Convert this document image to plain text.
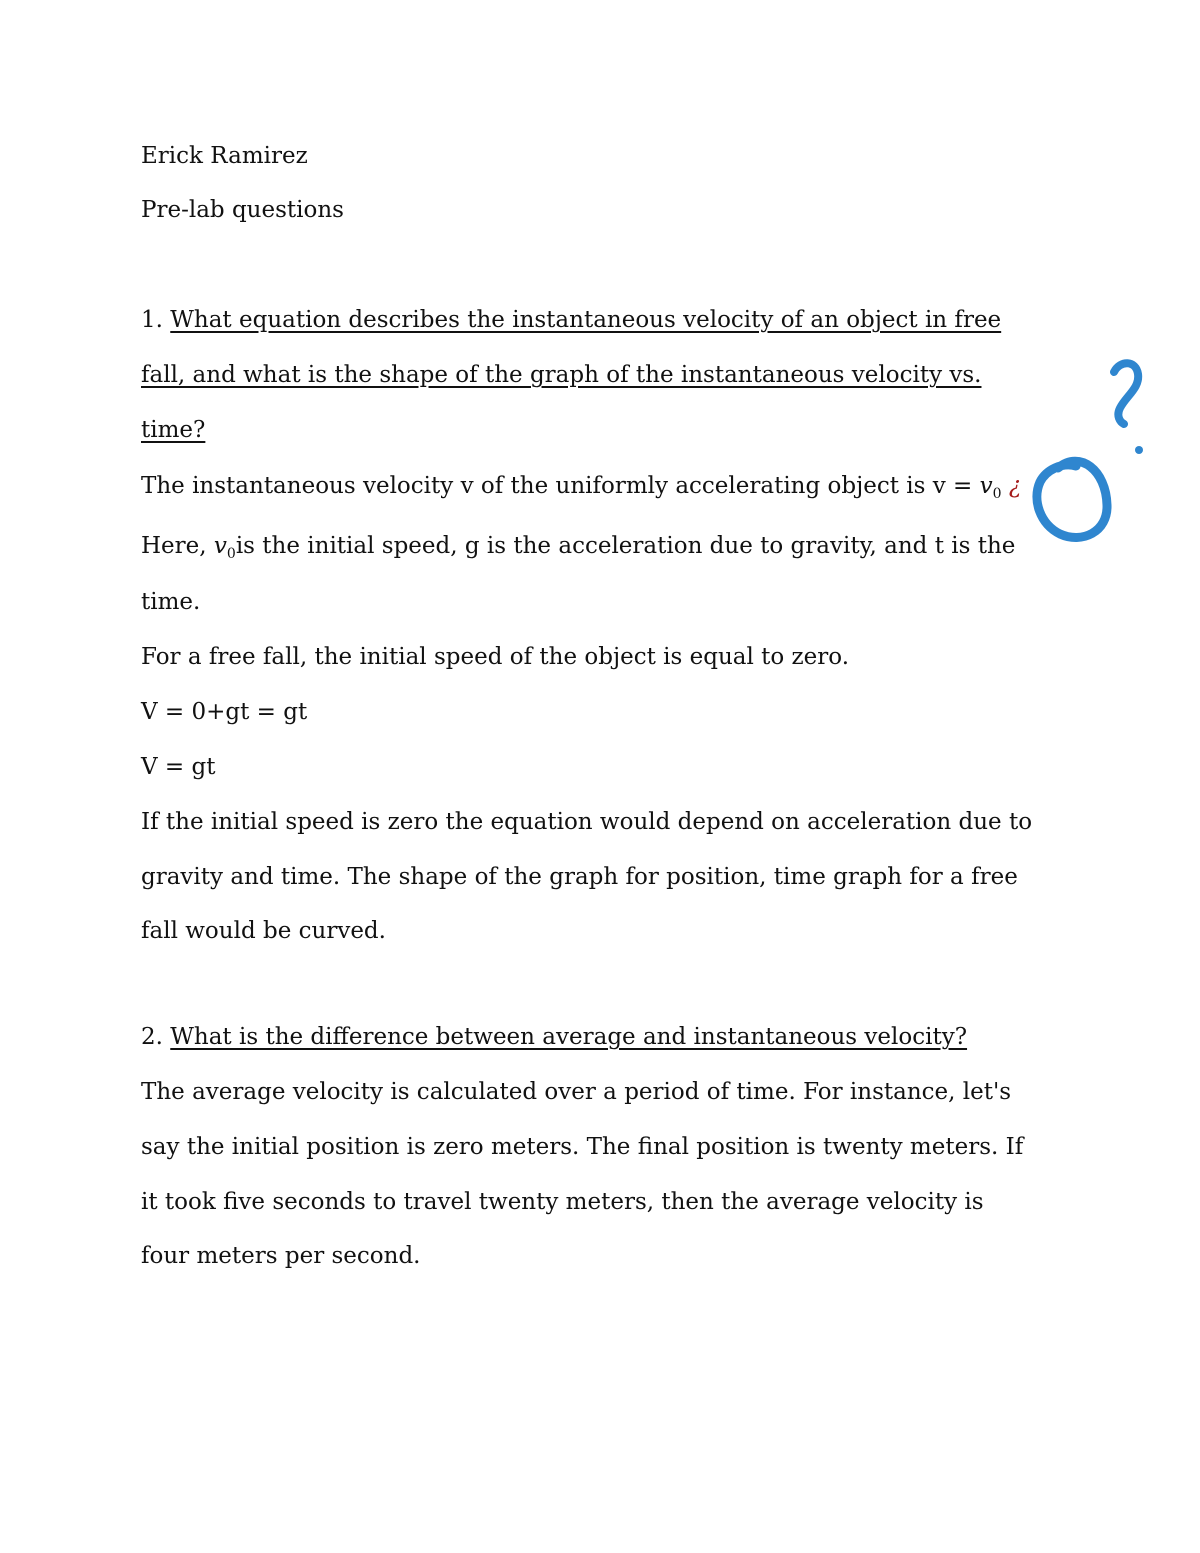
Erick Ramirez
Pre-lab questions
1. What equation describes the instantaneous velocity of an object in free
fall, and what is the shape of the graph of the instantaneous velocity vs.
time?
The instantaneous velocity v of the uniformly accelerating object is $v = v_0$ ¿
Here, $v_0is$ the initial speed, g is the acceleration due to gravity, and t is the
time.
For a free fall, the initial speed of the object is equal to zero.
V = 0+gt = gt
V = gt
If the initial speed is zero the equation would depend on acceleration due to
gravity and time. The shape of the graph for position, time graph for a free
fall would be curved.
2. What is the difference between average and instantaneous velocity?
The average velocity is calculated over a period of time. For instance, let's
say the initial position is zero meters. The final position is twenty meters. If
it took five seconds to travel twenty meters, then the average velocity is
four meters per second.
